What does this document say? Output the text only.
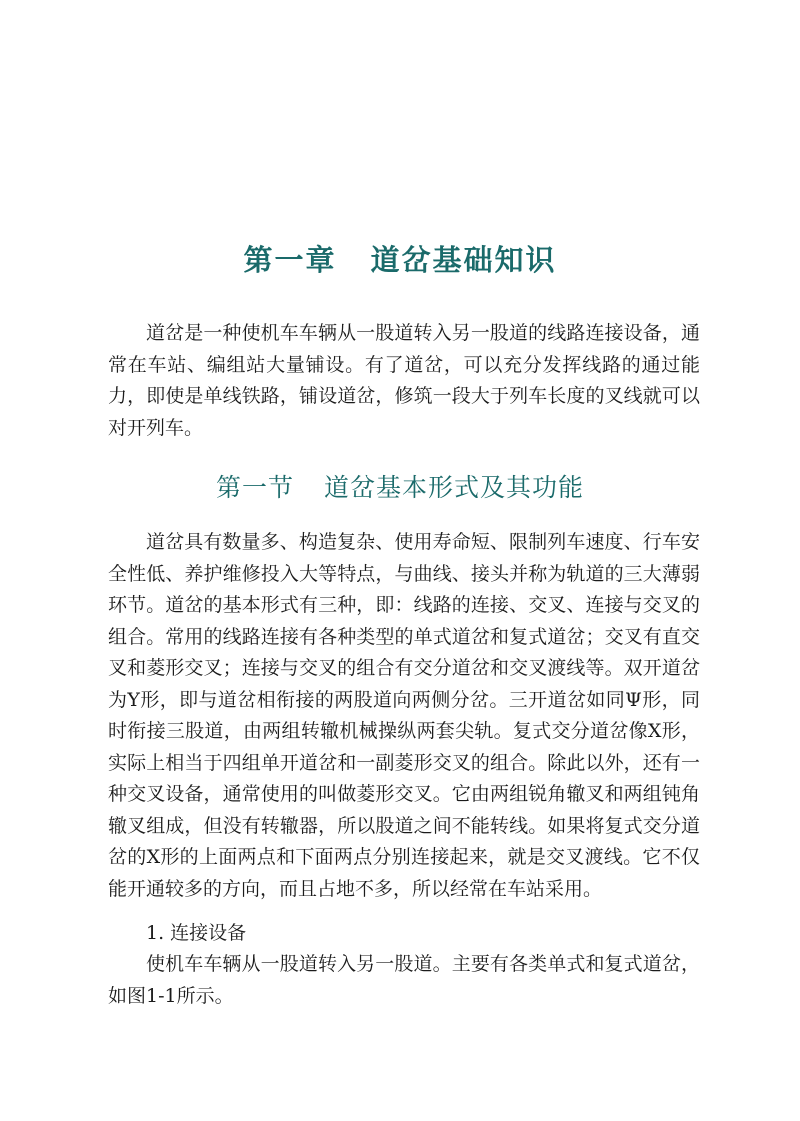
第一章 道岔基础知识

道岔是一种使机车车辆从一股道转入另一股道的线路连接设备，通常在车站、编组站大量铺设。有了道岔，可以充分发挥线路的通过能力，即使是单线铁路，铺设道岔，修筑一段大于列车长度的叉线就可以对开列车。

第一节 道岔基本形式及其功能

道岔具有数量多、构造复杂、使用寿命短、限制列车速度、行车安全性低、养护维修投入大等特点，与曲线、接头并称为轨道的三大薄弱环节。道岔的基本形式有三种，即：线路的连接、交叉、连接与交叉的组合。常用的线路连接有各种类型的单式道岔和复式道岔；交叉有直交叉和菱形交叉；连接与交叉的组合有交分道岔和交叉渡线等。双开道岔为Y形，即与道岔相衔接的两股道向两侧分岔。三开道岔如同Ψ形，同时衔接三股道，由两组转辙机械操纵两套尖轨。复式交分道岔像X形，实际上相当于四组单开道岔和一副菱形交叉的组合。除此以外，还有一种交叉设备，通常使用的叫做菱形交叉。它由两组锐角辙叉和两组钝角辙叉组成，但没有转辙器，所以股道之间不能转线。如果将复式交分道岔的X形的上面两点和下面两点分别连接起来，就是交叉渡线。它不仅能开通较多的方向，而且占地不多，所以经常在车站采用。

1. 连接设备

使机车车辆从一股道转入另一股道。主要有各类单式和复式道岔，如图1-1所示。
